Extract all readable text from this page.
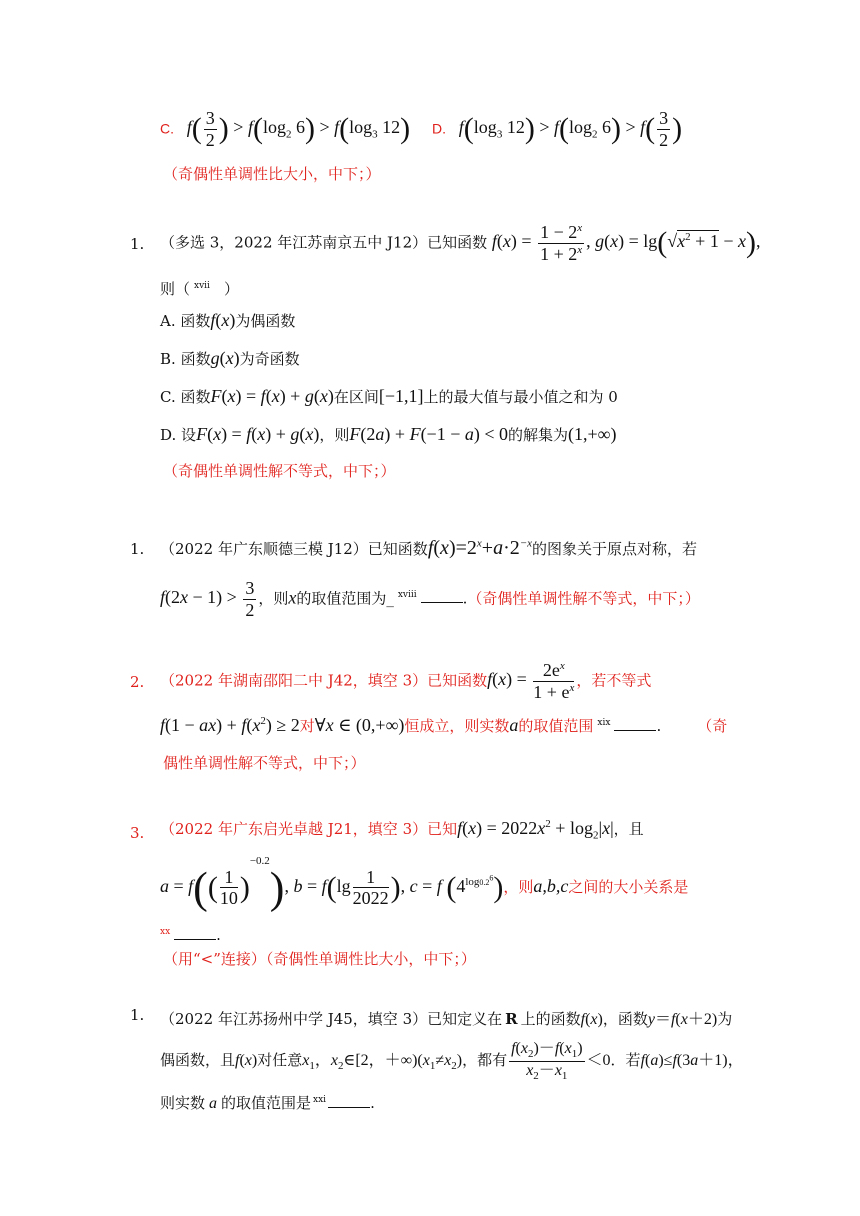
C. $f( \frac{3}{2}$ ) > $f(\log_2$ $6) > f(\log_3$ 12) D. $f(\log_3$ $12) > f(\log_2$ $6) > f( \frac{3}{2}$ )
（奇偶性单调性比大小，中下；）
1. （多选 3，2022 年江苏南京五中 J12）已知函数 $f(x) = \frac{1 - 2^x}{1 + 2^x}$ , $g(x) = \lg(√x^2 + 1 - x)$,
则（ $^{xvii}$ ）
A. 函数f(x)为偶函数
B. 函数g(x)为奇函数
C. 函数F(x) = f(x) + g(x)在区间[−1,1]上的最大值与最小值之和为 0
D. 设F(x) = f(x) + g(x)，则F(2a) + F(−1 − a) < 0的解集为(1,+∞)
（奇偶性单调性解不等式，中下；）
1. （2022 年广东顺德三模 J12）已知函数$f(x)=2^x+a\cdot 2^{-x}$的图象关于原点对称，若
$f(2x - 1) > \frac{3}{2}$ ，则x的取值范围为_ $^{xviii}$	.（奇偶性单调性解不等式，中下；）
2. （2022 年湖南邵阳二中 J42，填空 3）已知函数$f(x) = \frac{2e^x}{1 + e^x}$ ，若不等式
$f(1 - ax) + f(x^2) \ge 2$对∀x ∈ (0,+∞)恒成立，则实数a的取值范围 $^{xix}$	. （奇
偶性单调性解不等式，中下；）
3. （2022 年广东启光卓越 J21，填空 3）已知$f(x) = 2022x^2 + \log_2|x|$，且
$a = f(( \frac{1}{10} )^{-0.2})$, $b = f(\lg \frac{1}{2022}$ ), c = f $(4^{log0.2^6})$，则a,b,c之间的大小关系是
$^{xx}$	.
（用“<”连接）（奇偶性单调性比大小，中下；）
1. （2022 年江苏扬州中学 J45，填空 3）已知定义在 R 上的函数f(x)，函数y＝f(x＋2)为
偶函数，且f(x)对任意$x_1$，$x_2\in[2$，$+\infty)(x_1\ne x_2)$，都有 $\frac{f(x_2)-f(x_1)}{x_2-x_1} <0$．若f(a)≤f(3a＋1)，
则实数 a 的取值范围是 $^{xxi}$	.
